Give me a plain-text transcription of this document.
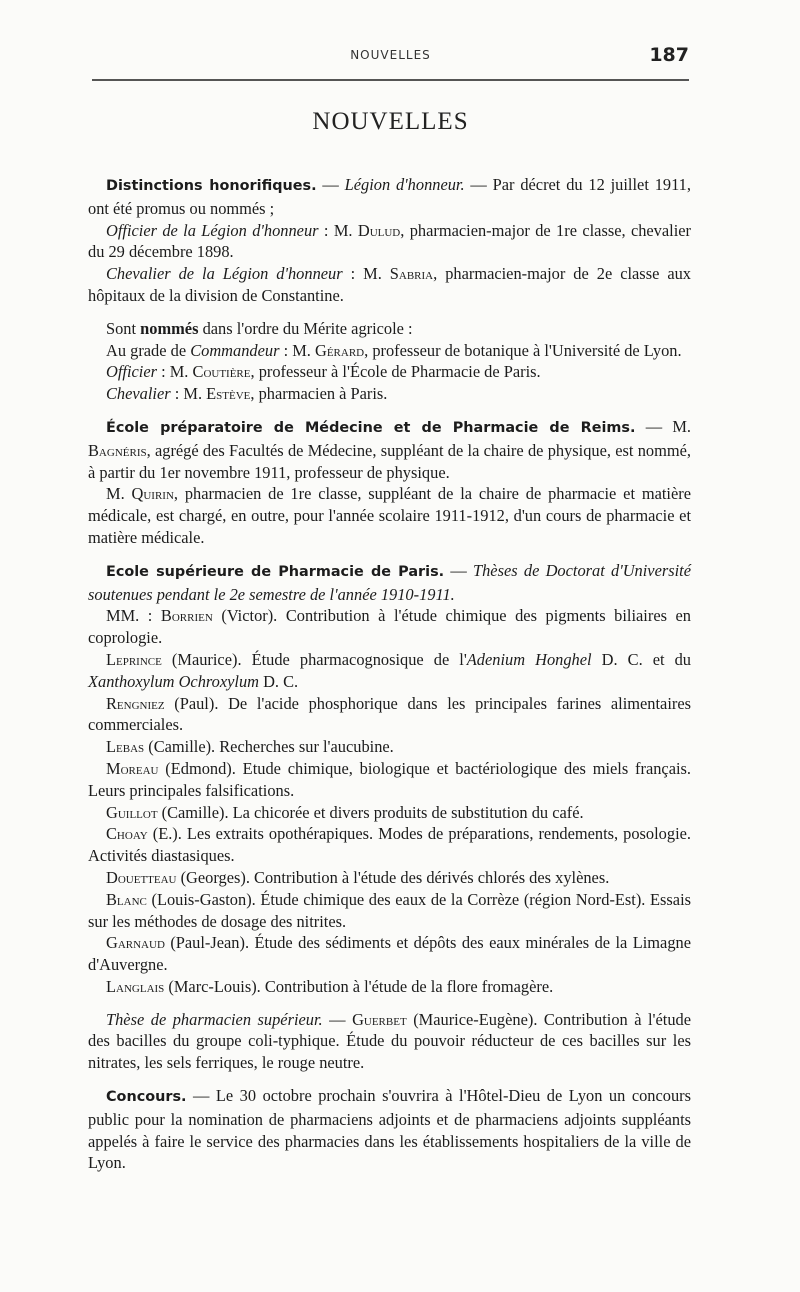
NOUVELLES	187
NOUVELLES

Distinctions honorifiques. — Légion d'honneur. — Par décret du 12 juillet 1911, ont été promus ou nommés ;

Officier de la Légion d'honneur : M. Dulud, pharmacien-major de 1re classe, chevalier du 29 décembre 1898.

Chevalier de la Légion d'honneur : M. Sabria, pharmacien-major de 2e classe aux hôpitaux de la division de Constantine.

Sont nommés dans l'ordre du Mérite agricole :

Au grade de Commandeur : M. Gérard, professeur de botanique à l'Université de Lyon.

Officier : M. Coutière, professeur à l'École de Pharmacie de Paris.

Chevalier : M. Estève, pharmacien à Paris.

École préparatoire de Médecine et de Pharmacie de Reims. — M. Bagnéris, agrégé des Facultés de Médecine, suppléant de la chaire de physique, est nommé, à partir du 1er novembre 1911, professeur de physique.

M. Quirin, pharmacien de 1re classe, suppléant de la chaire de pharmacie et matière médicale, est chargé, en outre, pour l'année scolaire 1911-1912, d'un cours de pharmacie et matière médicale.

Ecole supérieure de Pharmacie de Paris. — Thèses de Doctorat d'Université soutenues pendant le 2e semestre de l'année 1910-1911.

MM. : Borrien (Victor). Contribution à l'étude chimique des pigments biliaires en coprologie.

Leprince (Maurice). Étude pharmacognosique de l'Adenium Honghel D. C. et du Xanthoxylum Ochroxylum D. C.

Rengniez (Paul). De l'acide phosphorique dans les principales farines alimentaires commerciales.

Lebas (Camille). Recherches sur l'aucubine.

Moreau (Edmond). Etude chimique, biologique et bactériologique des miels français. Leurs principales falsifications.

Guillot (Camille). La chicorée et divers produits de substitution du café.

Choay (E.). Les extraits opothérapiques. Modes de préparations, rendements, posologie. Activités diastasiques.

Douetteau (Georges). Contribution à l'étude des dérivés chlorés des xylènes.

Blanc (Louis-Gaston). Étude chimique des eaux de la Corrèze (région Nord-Est). Essais sur les méthodes de dosage des nitrites.

Garnaud (Paul-Jean). Étude des sédiments et dépôts des eaux minérales de la Limagne d'Auvergne.

Langlais (Marc-Louis). Contribution à l'étude de la flore fromagère.

Thèse de pharmacien supérieur. — Guerbet (Maurice-Eugène). Contribution à l'étude des bacilles du groupe coli-typhique. Étude du pouvoir réducteur de ces bacilles sur les nitrates, les sels ferriques, le rouge neutre.

Concours. — Le 30 octobre prochain s'ouvrira à l'Hôtel-Dieu de Lyon un concours public pour la nomination de pharmaciens adjoints et de pharmaciens adjoints suppléants appelés à faire le service des pharmacies dans les établissements hospitaliers de la ville de Lyon.
